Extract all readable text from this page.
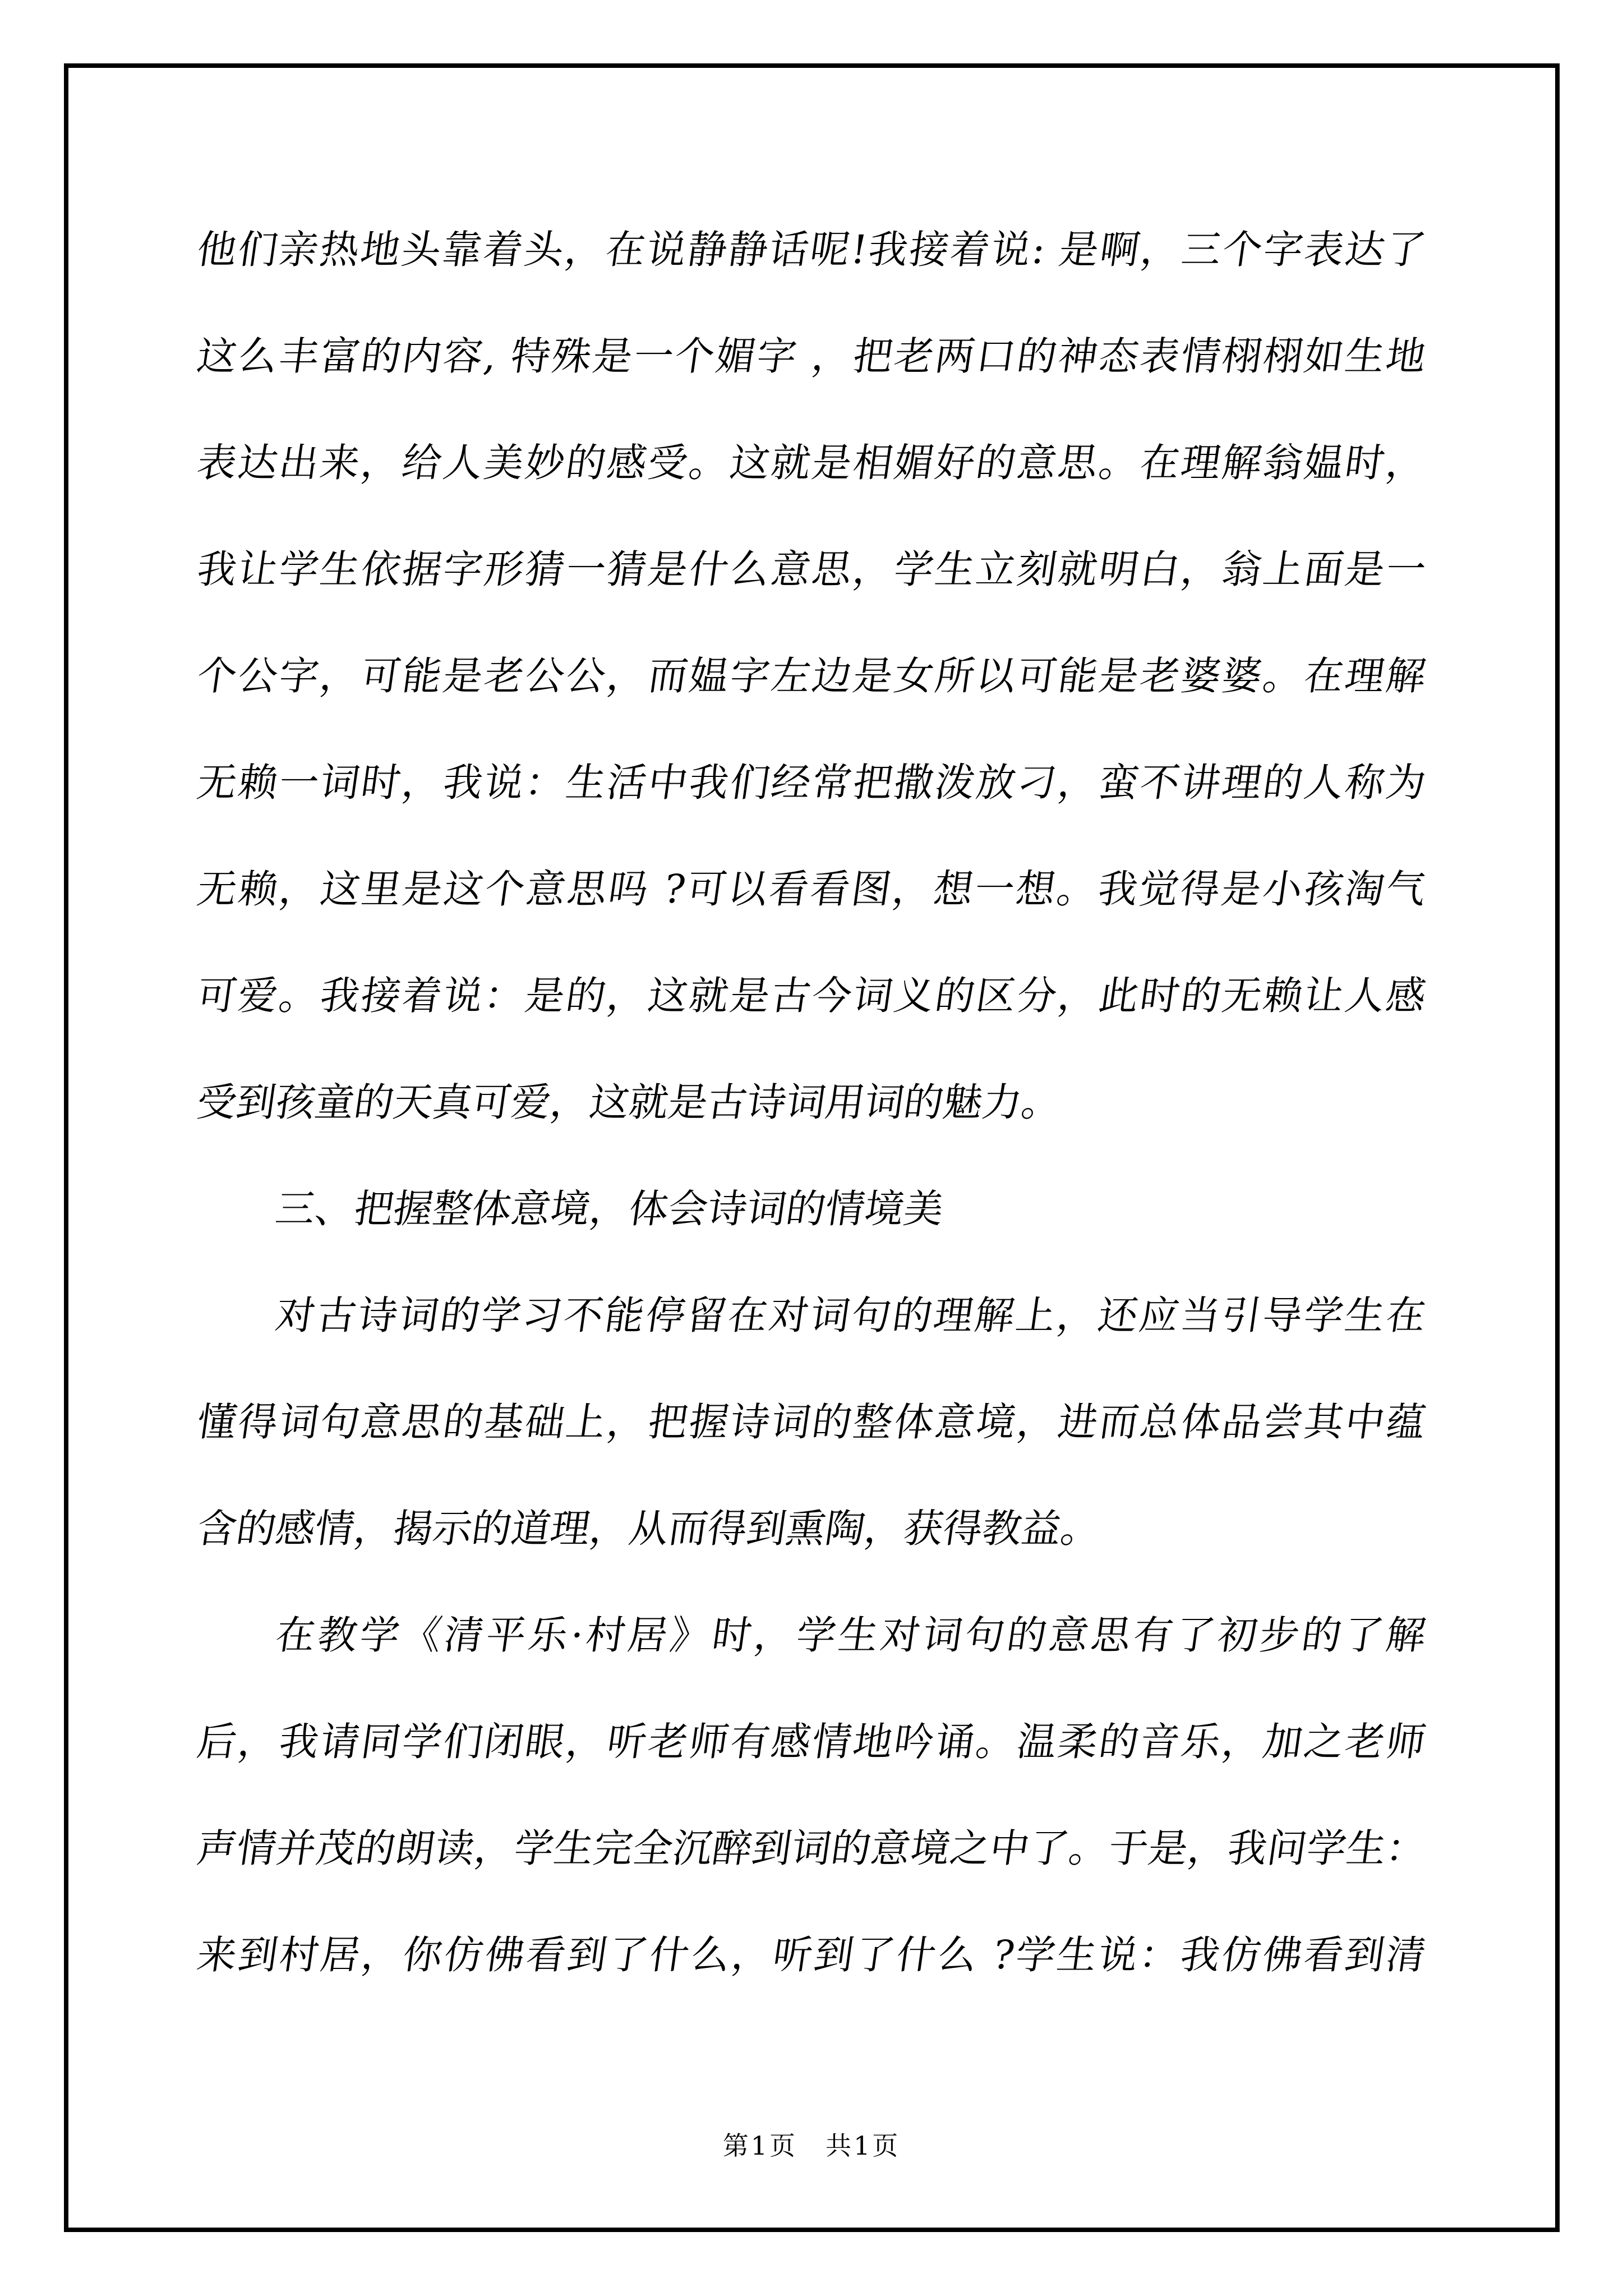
他们亲热地头靠着头，在说静静话呢!我接着说: 是啊，三个字表达了
这么丰富的内容, 特殊是一个媚字 ，把老两口的神态表情栩栩如生地
表达出来，给人美妙的感受。这就是相媚好的意思。在理解翁媪时，
我让学生依据字形猜一猜是什么意思，学生立刻就明白，翁上面是一
个公字，可能是老公公，而媪字左边是女所以可能是老婆婆。在理解
无赖一词时，我说：生活中我们经常把撒泼放刁，蛮不讲理的人称为
无赖，这里是这个意思吗 ?可以看看图，想一想。我觉得是小孩淘气
可爱。我接着说：是的，这就是古今词义的区分，此时的无赖让人感
受到孩童的天真可爱，这就是古诗词用词的魅力。
三、把握整体意境，体会诗词的情境美
对古诗词的学习不能停留在对词句的理解上，还应当引导学生在
懂得词句意思的基础上，把握诗词的整体意境，进而总体品尝其中蕴
含的感情，揭示的道理，从而得到熏陶，获得教益。
在教学《清平乐·村居》时，学生对词句的意思有了初步的了解
后，我请同学们闭眼，听老师有感情地吟诵。温柔的音乐，加之老师
声情并茂的朗读，学生完全沉醉到词的意境之中了。于是，我问学生：
来到村居，你仿佛看到了什么，听到了什么 ?学生说：我仿佛看到清
第1页　共1页
